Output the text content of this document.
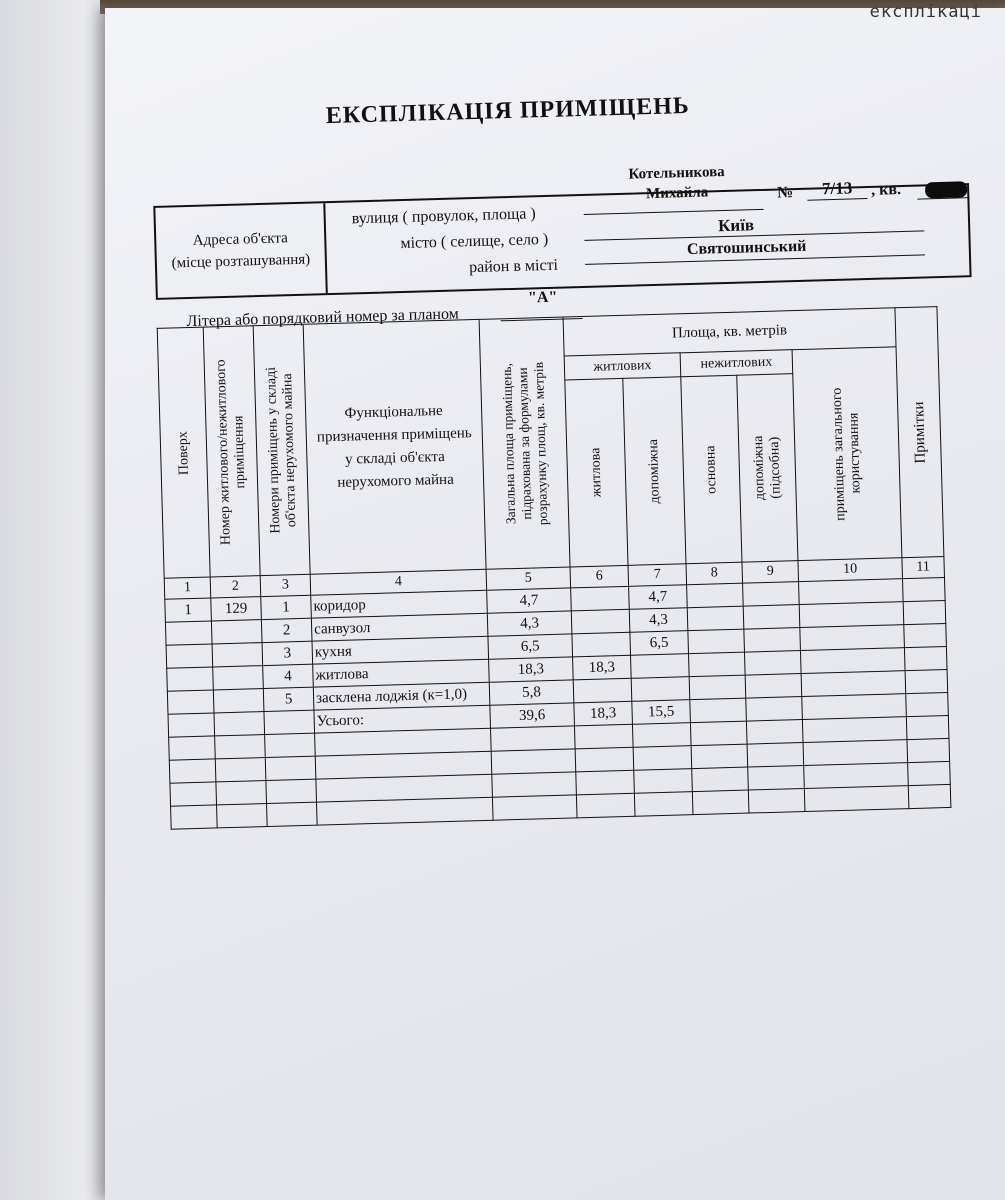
експлікаці
ЕКСПЛІКАЦІЯ ПРИМІЩЕНЬ
Адреса об'єкта
(місце розташування)
Котельникова
Михайла
вулиця ( провулок, площа )
№	7/13	, кв.
Київ
місто ( селище, село )	Святошинський
район в місті
Літера або порядковий номер за планом
"А"
Поверх	Номер житлового/нежитлового приміщення	Номери приміщень у складі об'єкта нерухомого майна	Функціональне
призначення приміщень
у складі об'єкта
нерухомого майна	Загальна площа приміщень, підрахована за формулами розрахунку площ, кв. метрів	Площа, кв. метрів					Примітки

					житлових		нежитлових		приміщень загального користування	

					житлова	допоміжна	основна	допоміжна (підсобна)		

1	2	3	4	5	6	7	8	9	10	11
1	129	1	коридор	4,7		4,7				
		2	санвузол	4,3		4,3				
		3	кухня	6,5		6,5				
		4	житлова	18,3	18,3					
		5	засклена лоджія (к=1,0)	5,8						
			Усього:	39,6	18,3	15,5				
